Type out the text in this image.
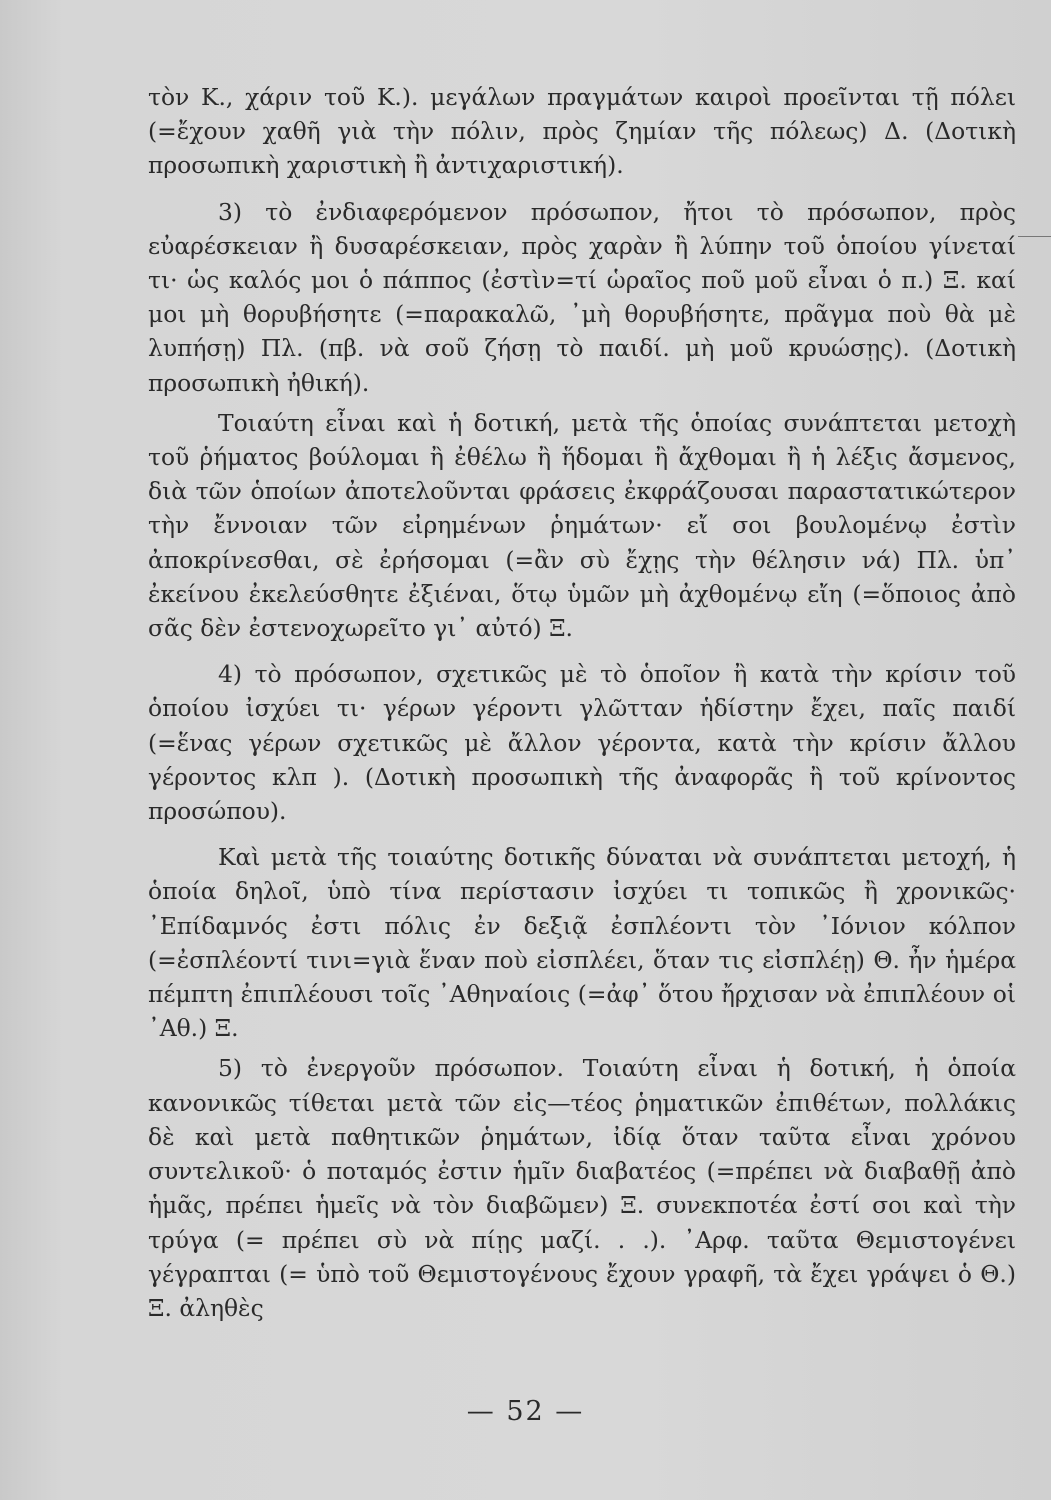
τὸν Κ., χάριν τοῦ Κ.). μεγάλων πραγμάτων καιροὶ προεῖνται τῇ πόλει (=ἔχουν χαθῆ γιὰ τὴν πόλιν, πρὸς ζημίαν τῆς πόλεως) Δ. (Δοτικὴ προσωπικὴ χαριστικὴ ἢ ἀντιχαριστική).

3) τὸ ἐνδιαφερόμενον πρόσωπον, ἤτοι τὸ πρόσωπον, πρὸς εὐαρέσκειαν ἢ δυσαρέσκειαν, πρὸς χαρὰν ἢ λύπην τοῦ ὁποίου γίνεταί τι· ὡς καλός μοι ὁ πάππος (ἐστὶν=τί ὡραῖος ποῦ μοῦ εἶναι ὁ π.) Ξ. καί μοι μὴ θορυβήσητε (=παρακαλῶ, ᾿μὴ θορυβήσητε, πρᾶγμα ποὺ θὰ μὲ λυπήσῃ) Πλ. (πβ. νὰ σοῦ ζήσῃ τὸ παιδί. μὴ μοῦ κρυώσῃς). (Δοτικὴ προσωπικὴ ἠθική).

Τοιαύτη εἶναι καὶ ἡ δοτική, μετὰ τῆς ὁποίας συνάπτεται μετοχὴ τοῦ ῥήματος βούλομαι ἢ ἐθέλω ἢ ἥδομαι ἢ ἄχθομαι ἢ ἡ λέξις ἄσμενος, διὰ τῶν ὁποίων ἀποτελοῦνται φράσεις ἐκφράζουσαι παραστατικώτερον τὴν ἔννοιαν τῶν εἰρημένων ῥημάτων· εἴ σοι βουλομένῳ ἐστὶν ἀποκρίνεσθαι, σὲ ἐρήσομαι (=ἂν σὺ ἔχῃς τὴν θέλησιν νά) Πλ. ὑπ᾿ ἐκείνου ἐκελεύσθητε ἐξιέναι, ὅτῳ ὑμῶν μὴ ἀχθομένῳ εἴη (=ὅποιος ἀπὸ σᾶς δὲν ἐστενοχωρεῖτο γι᾿ αὐτό) Ξ.

4) τὸ πρόσωπον, σχετικῶς μὲ τὸ ὁποῖον ἢ κατὰ τὴν κρίσιν τοῦ ὁποίου ἰσχύει τι· γέρων γέροντι γλῶτταν ἡδίστην ἔχει, παῖς παιδί (=ἕνας γέρων σχετικῶς μὲ ἄλλον γέροντα, κατὰ τὴν κρίσιν ἄλλου γέροντος κλπ ). (Δοτικὴ προσωπικὴ τῆς ἀναφορᾶς ἢ τοῦ κρίνοντος προσώπου).

Καὶ μετὰ τῆς τοιαύτης δοτικῆς δύναται νὰ συνάπτεται μετοχή, ἡ ὁποία δηλοῖ, ὑπὸ τίνα περίστασιν ἰσχύει τι τοπικῶς ἢ χρονικῶς· ᾿Επίδαμνός ἐστι πόλις ἐν δεξιᾷ ἐσπλέοντι τὸν ᾿Ιόνιον κόλπον (=ἐσπλέοντί τινι=γιὰ ἕναν ποὺ εἰσπλέει, ὅταν τις εἰσπλέῃ) Θ. ἦν ἡμέρα πέμπτη ἐπιπλέουσι τοῖς ᾿Αθηναίοις (=ἀφ᾿ ὅτου ἤρχισαν νὰ ἐπιπλέουν οἱ ᾿Αθ.) Ξ.

5) τὸ ἐνεργοῦν πρόσωπον. Τοιαύτη εἶναι ἡ δοτική, ἡ ὁποία κανονικῶς τίθεται μετὰ τῶν εἰς—τέος ῥηματικῶν ἐπιθέτων, πολλάκις δὲ καὶ μετὰ παθητικῶν ῥημάτων, ἰδίᾳ ὅταν ταῦτα εἶναι χρόνου συντελικοῦ· ὁ ποταμός ἐστιν ἡμῖν διαβατέος (=πρέπει νὰ διαβαθῇ ἀπὸ ἡμᾶς, πρέπει ἡμεῖς νὰ τὸν διαβῶμεν) Ξ. συνεκποτέα ἐστί σοι καὶ τὴν τρύγα (= πρέπει σὺ νὰ πίῃς μαζί. . .). ᾿Αρφ. ταῦτα Θεμιστογένει γέγραπται (= ὑπὸ τοῦ Θεμιστογένους ἔχουν γραφῆ, τὰ ἔχει γράψει ὁ Θ.) Ξ. ἀληθὲς

— 52 —
